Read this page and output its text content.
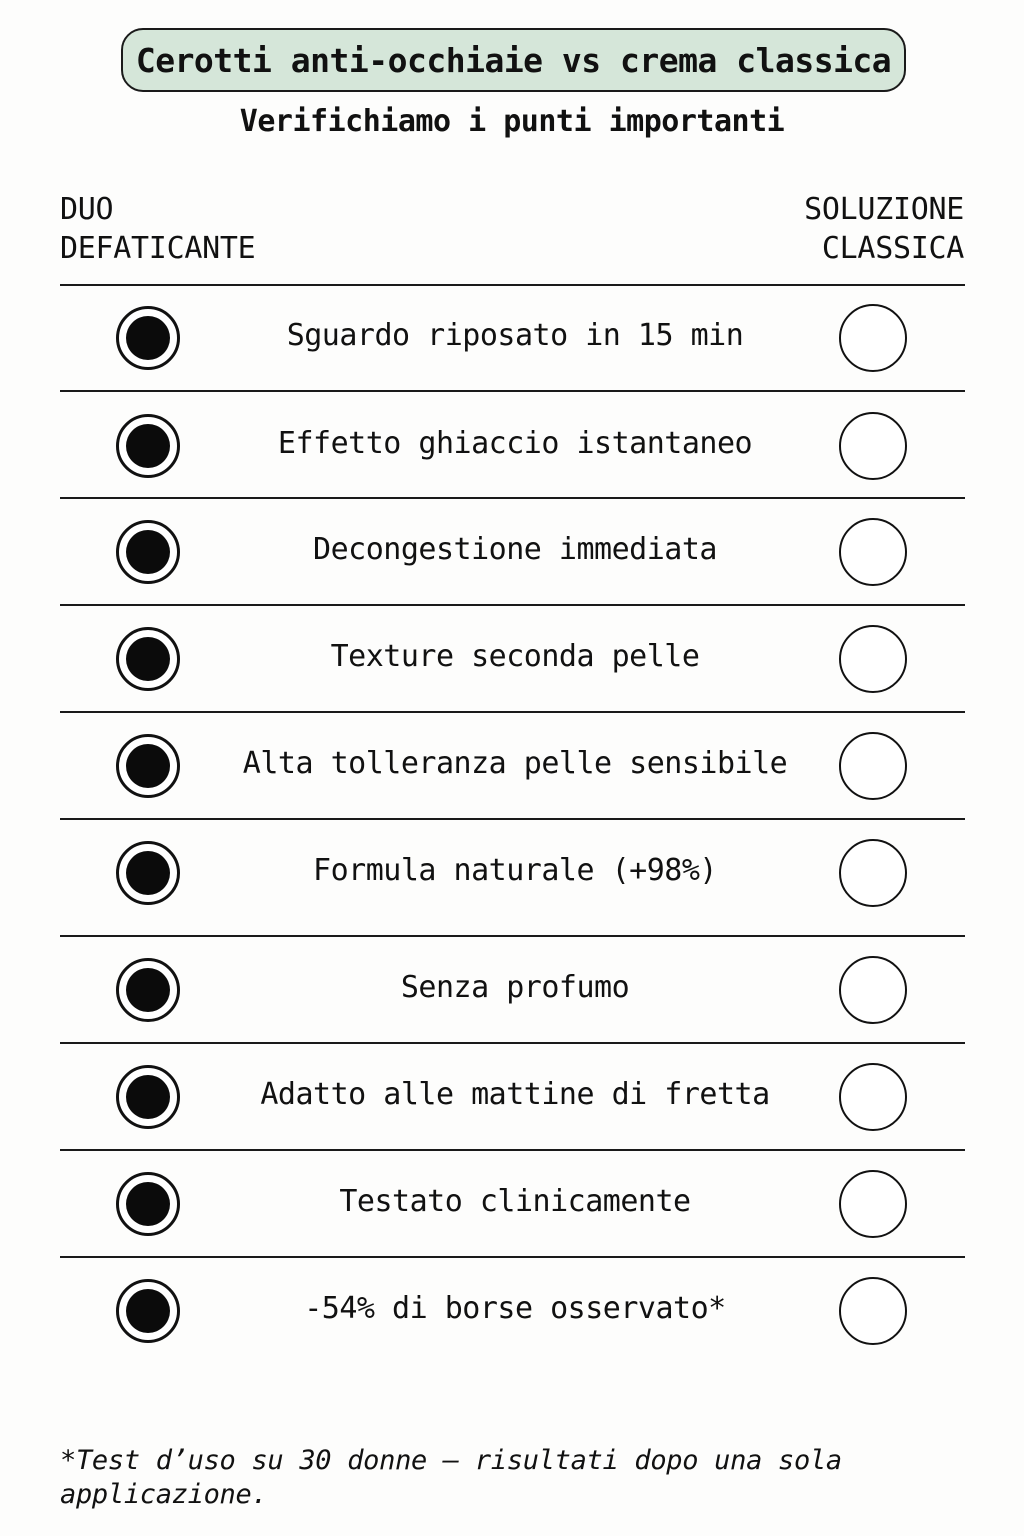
Cerotti anti-occhiaie vs crema classica
Verifichiamo i punti importanti
DUO
DEFATICANTE
SOLUZIONE
CLASSICA
Sguardo riposato in 15 min
Effetto ghiaccio istantaneo
Decongestione immediata
Texture seconda pelle
Alta tolleranza pelle sensibile
Formula naturale (+98%)
Senza profumo
Adatto alle mattine di fretta
Testato clinicamente
-54% di borse osservato*
*Test d’uso su 30 donne – risultati dopo una sola applicazione.
